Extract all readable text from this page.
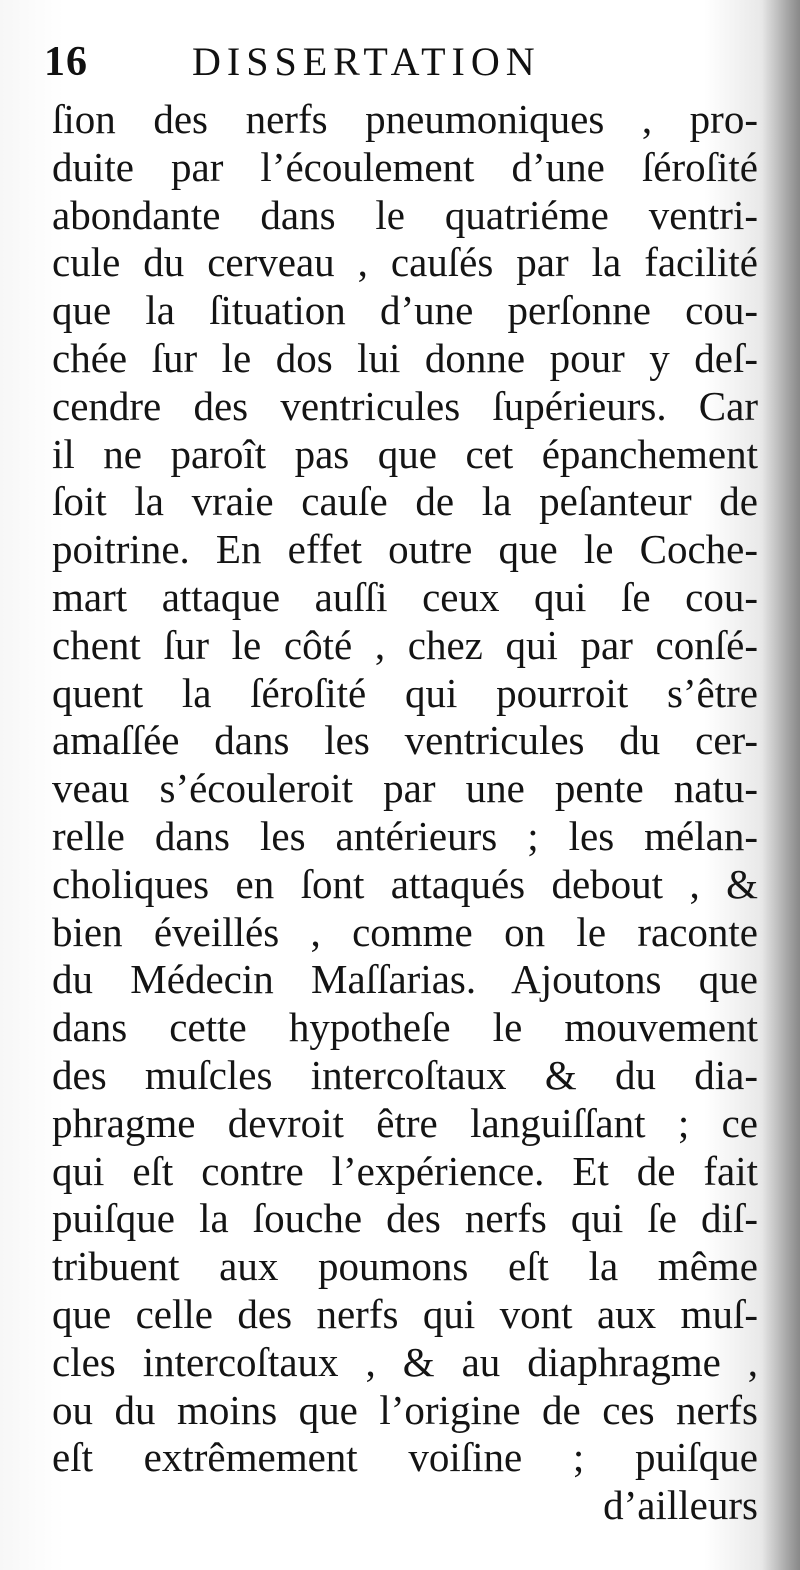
16	DISSERTATION
ſion des nerfs pneumoniques , pro-
duite par l’écoulement d’une ſéroſité
abondante dans le quatriéme ventri-
cule du cerveau , cauſés par la facilité
que la ſituation d’une perſonne cou-
chée ſur le dos lui donne pour y deſ-
cendre des ventricules ſupérieurs. Car
il ne paroît pas que cet épanchement
ſoit la vraie cauſe de la peſanteur de
poitrine. En effet outre que le Coche-
mart attaque auſſi ceux qui ſe cou-
chent ſur le côté , chez qui par conſé-
quent la ſéroſité qui pourroit s’être
amaſſée dans les ventricules du cer-
veau s’écouleroit par une pente natu-
relle dans les antérieurs ; les mélan-
choliques en ſont attaqués debout , &
bien éveillés , comme on le raconte
du Médecin Maſſarias. Ajoutons que
dans cette hypotheſe le mouvement
des muſcles intercoſtaux & du dia-
phragme devroit être languiſſant ; ce
qui eſt contre l’expérience. Et de fait
puiſque la ſouche des nerfs qui ſe diſ-
tribuent aux poumons eſt la même
que celle des nerfs qui vont aux muſ-
cles intercoſtaux , & au diaphragme ,
ou du moins que l’origine de ces nerfs
eſt extrêmement voiſine ; puiſque
d’ailleurs
